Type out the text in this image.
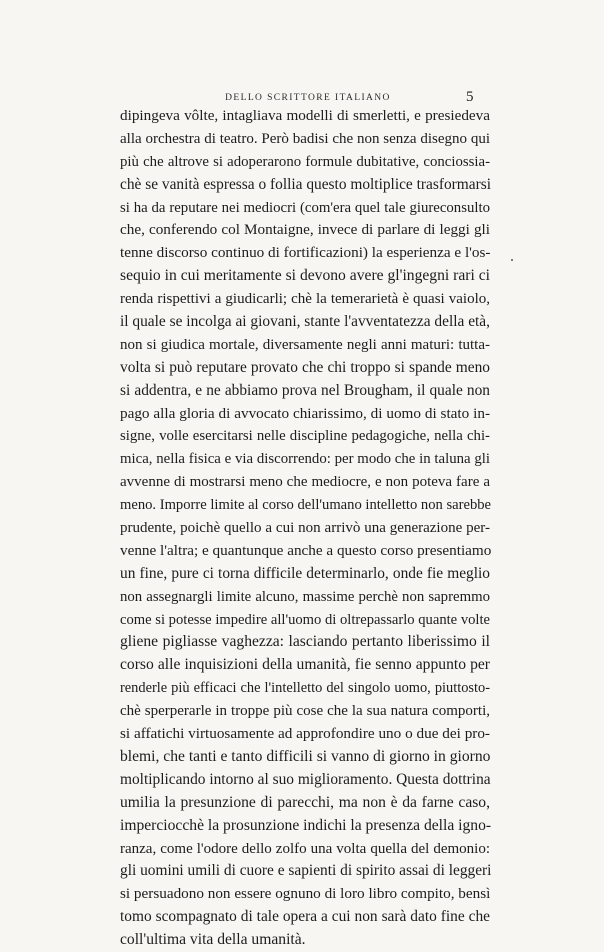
DELLO SCRITTORE ITALIANO	5
dipingeva vôlte, intagliava modelli di smerletti, e presiedeva
alla orchestra di teatro. Però badisi che non senza disegno qui
più che altrove si adoperarono formule dubitative, conciossia-
chè se vanità espressa o follia questo moltiplice trasformarsi
si ha da reputare nei mediocri (com'era quel tale giureconsulto
che, conferendo col Montaigne, invece di parlare di leggi gli
tenne discorso continuo di fortificazioni) la esperienza e l'os-
sequio in cui meritamente si devono avere gl'ingegni rari ci
renda rispettivi a giudicarli; chè la temerarietà è quasi vaiolo,
il quale se incolga ai giovani, stante l'avventatezza della età,
non si giudica mortale, diversamente negli anni maturi: tutta-
volta si può reputare provato che chi troppo si spande meno
si addentra, e ne abbiamo prova nel Brougham, il quale non
pago alla gloria di avvocato chiarissimo, di uomo di stato in-
signe, volle esercitarsi nelle discipline pedagogiche, nella chi-
mica, nella fisica e via discorrendo: per modo che in taluna gli
avvenne di mostrarsi meno che mediocre, e non poteva fare a
meno. Imporre limite al corso dell'umano intelletto non sarebbe
prudente, poichè quello a cui non arrivò una generazione per-
venne l'altra; e quantunque anche a questo corso presentiamo
un fine, pure ci torna difficile determinarlo, onde fie meglio
non assegnargli limite alcuno, massime perchè non sapremmo
come si potesse impedire all'uomo di oltrepassarlo quante volte
gliene pigliasse vaghezza: lasciando pertanto liberissimo il
corso alle inquisizioni della umanità, fie senno appunto per
renderle più efficaci che l'intelletto del singolo uomo, piuttosto-
chè sperperarle in troppe più cose che la sua natura comporti,
si affatichi virtuosamente ad approfondire uno o due dei pro-
blemi, che tanti e tanto difficili si vanno di giorno in giorno
moltiplicando intorno al suo miglioramento. Questa dottrina
umilia la presunzione di parecchi, ma non è da farne caso,
imperciocchè la prosunzione indichi la presenza della igno-
ranza, come l'odore dello zolfo una volta quella del demonio:
gli uomini umili di cuore e sapienti di spirito assai di leggeri
si persuadono non essere ognuno di loro libro compito, bensì
tomo scompagnato di tale opera a cui non sarà dato fine che
coll'ultima vita della umanità.
